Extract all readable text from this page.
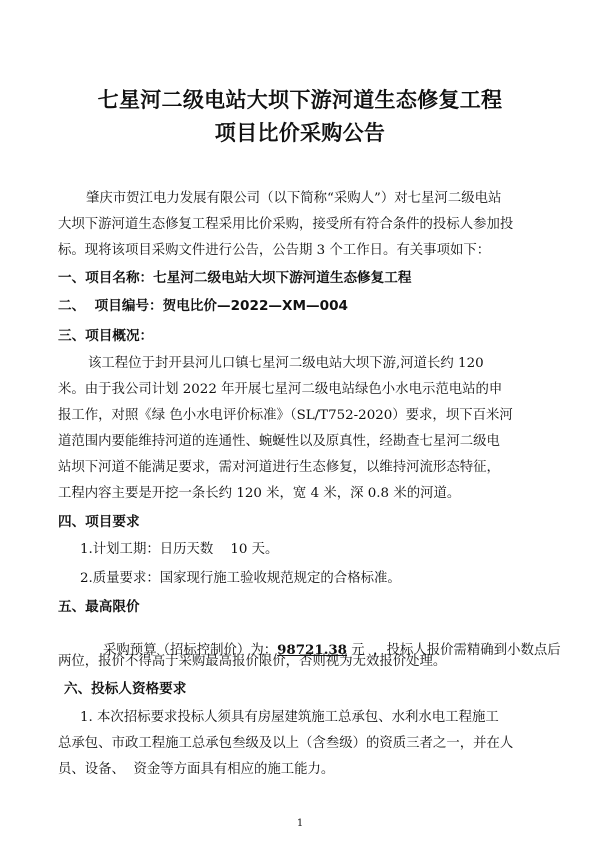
七星河二级电站大坝下游河道生态修复工程
项目比价采购公告
肇庆市贺江电力发展有限公司（以下简称“采购人”）对七星河二级电站
大坝下游河道生态修复工程采用比价采购，接受所有符合条件的投标人参加投
标。现将该项目采购文件进行公告，公告期 3 个工作日。有关事项如下：
一、项目名称：七星河二级电站大坝下游河道生态修复工程
二、  项目编号：贺电比价—2022—XM—004
三、项目概况：
该工程位于封开县河儿口镇七星河二级电站大坝下游,河道长约 120
米。由于我公司计划 2022 年开展七星河二级电站绿色小水电示范电站的申
报工作，对照《绿 色小水电评价标准》（SL/T752-2020）要求，坝下百米河
道范围内要能维持河道的连通性、蜿蜒性以及原真性，经勘查七星河二级电
站坝下河道不能满足要求，需对河道进行生态修复，以维持河流形态特征，
工程内容主要是开挖一条长约 120 米，宽 4 米，深 0.8 米的河道。
四、项目要求
1.计划工期：日历天数    10 天。
2.质量要求：国家现行施工验收规范规定的合格标准。
五、最高限价

采购预算（招标控制价）为：98721.38 元  ，投标人报价需精确到小数点后

两位，报价不得高于采购最高报价限价，否则视为无效报价处理。
六、投标人资格要求
1. 本次招标要求投标人须具有房屋建筑施工总承包、水利水电工程施工
总承包、市政工程施工总承包叁级及以上（含叁级）的资质三者之一，并在人
员、设备、  资金等方面具有相应的施工能力。
1
